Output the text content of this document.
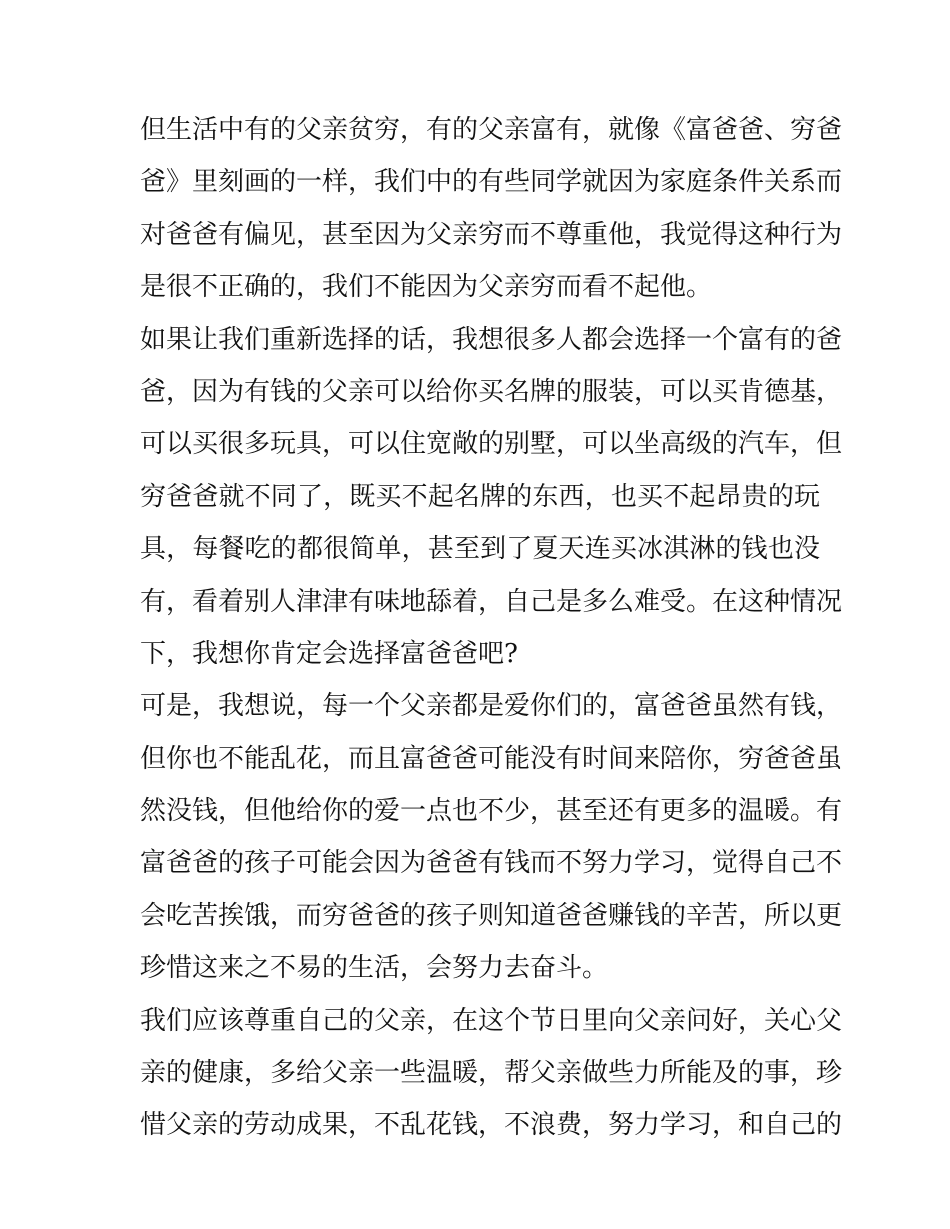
但生活中有的父亲贫穷，有的父亲富有，就像《富爸爸、穷爸
爸》里刻画的一样，我们中的有些同学就因为家庭条件关系而
对爸爸有偏见，甚至因为父亲穷而不尊重他，我觉得这种行为
是很不正确的，我们不能因为父亲穷而看不起他。
如果让我们重新选择的话，我想很多人都会选择一个富有的爸
爸，因为有钱的父亲可以给你买名牌的服装，可以买肯德基，
可以买很多玩具，可以住宽敞的别墅，可以坐高级的汽车，但
穷爸爸就不同了，既买不起名牌的东西，也买不起昂贵的玩
具，每餐吃的都很简单，甚至到了夏天连买冰淇淋的钱也没
有，看着别人津津有味地舔着，自己是多么难受。在这种情况
下，我想你肯定会选择富爸爸吧?
可是，我想说，每一个父亲都是爱你们的，富爸爸虽然有钱，
但你也不能乱花，而且富爸爸可能没有时间来陪你，穷爸爸虽
然没钱，但他给你的爱一点也不少，甚至还有更多的温暖。有
富爸爸的孩子可能会因为爸爸有钱而不努力学习，觉得自己不
会吃苦挨饿，而穷爸爸的孩子则知道爸爸赚钱的辛苦，所以更
珍惜这来之不易的生活，会努力去奋斗。
我们应该尊重自己的父亲，在这个节日里向父亲问好，关心父
亲的健康，多给父亲一些温暖，帮父亲做些力所能及的事，珍
惜父亲的劳动成果，不乱花钱，不浪费，努力学习，和自己的
